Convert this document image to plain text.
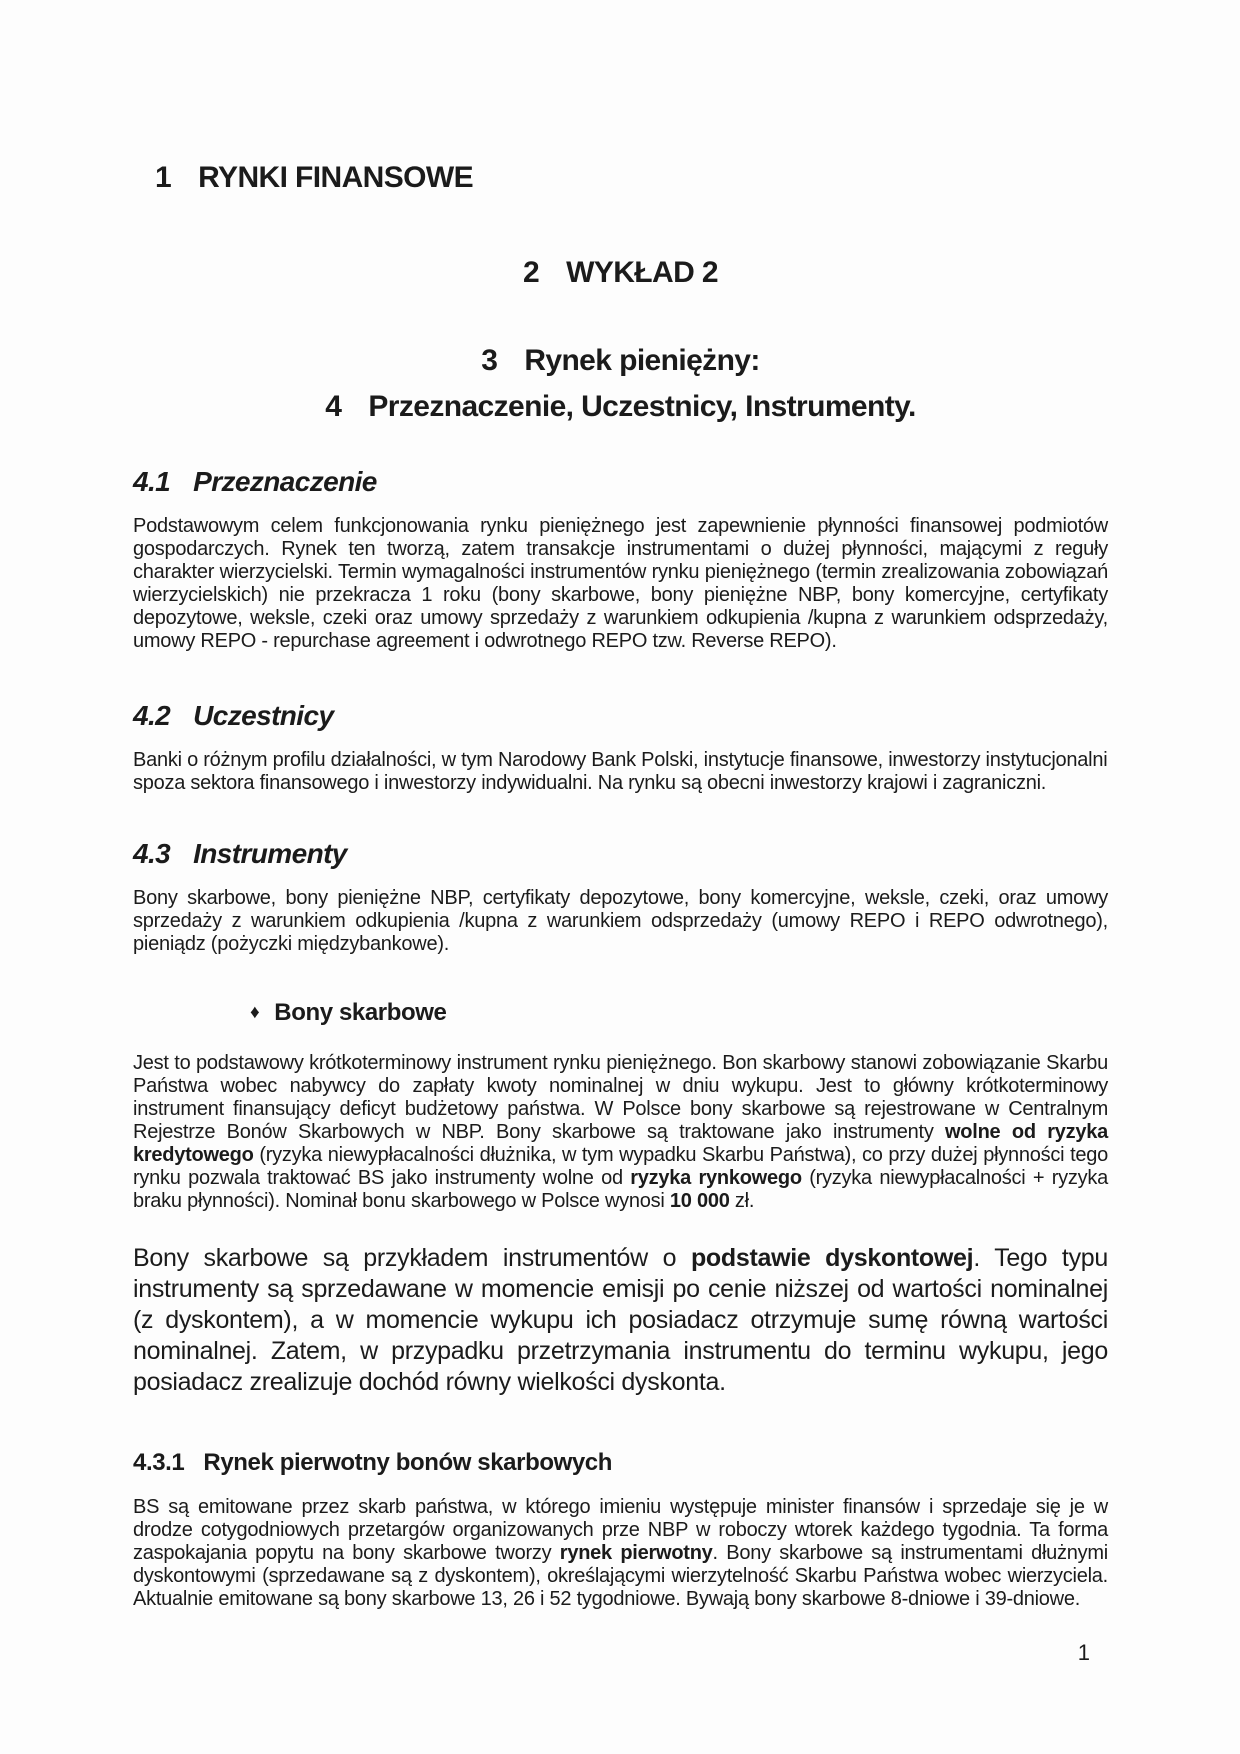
1 RYNKI FINANSOWE
2 WYKŁAD 2
3 Rynek pieniężny:
4 Przeznaczenie, Uczestnicy, Instrumenty.
4.1 Przeznaczenie
Podstawowym celem funkcjonowania rynku pieniężnego jest zapewnienie płynności finansowej podmiotów gospodarczych. Rynek ten tworzą, zatem transakcje instrumentami o dużej płynności, mającymi z reguły charakter wierzycielski. Termin wymagalności instrumentów rynku pieniężnego (termin zrealizowania zobowiązań wierzycielskich) nie przekracza 1 roku (bony skarbowe, bony pieniężne NBP, bony komercyjne, certyfikaty depozytowe, weksle, czeki oraz umowy sprzedaży z warunkiem odkupienia /kupna z warunkiem odsprzedaży, umowy REPO - repurchase agreement i odwrotnego REPO tzw. Reverse REPO).
4.2 Uczestnicy
Banki o różnym profilu działalności, w tym Narodowy Bank Polski, instytucje finansowe, inwestorzy instytucjonalni spoza sektora finansowego i inwestorzy indywidualni. Na rynku są obecni inwestorzy krajowi i zagraniczni.
4.3 Instrumenty
Bony skarbowe, bony pieniężne NBP, certyfikaty depozytowe, bony komercyjne, weksle, czeki, oraz umowy sprzedaży z warunkiem odkupienia /kupna z warunkiem odsprzedaży (umowy REPO i REPO odwrotnego), pieniądz (pożyczki międzybankowe).
♦ Bony skarbowe
Jest to podstawowy krótkoterminowy instrument rynku pieniężnego. Bon skarbowy stanowi zobowiązanie Skarbu Państwa wobec nabywcy do zapłaty kwoty nominalnej w dniu wykupu. Jest to główny krótkoterminowy instrument finansujący deficyt budżetowy państwa. W Polsce bony skarbowe są rejestrowane w Centralnym Rejestrze Bonów Skarbowych w NBP. Bony skarbowe są traktowane jako instrumenty wolne od ryzyka kredytowego (ryzyka niewypłacalności dłużnika, w tym wypadku Skarbu Państwa), co przy dużej płynności tego rynku pozwala traktować BS jako instrumenty wolne od ryzyka rynkowego (ryzyka niewypłacalności + ryzyka braku płynności). Nominał bonu skarbowego w Polsce wynosi 10 000 zł.
Bony skarbowe są przykładem instrumentów o podstawie dyskontowej. Tego typu instrumenty są sprzedawane w momencie emisji po cenie niższej od wartości nominalnej (z dyskontem), a w momencie wykupu ich posiadacz otrzymuje sumę równą wartości nominalnej. Zatem, w przypadku przetrzymania instrumentu do terminu wykupu, jego posiadacz zrealizuje dochód równy wielkości dyskonta.
4.3.1 Rynek pierwotny bonów skarbowych
BS są emitowane przez skarb państwa, w którego imieniu występuje minister finansów i sprzedaje się je w drodze cotygodniowych przetargów organizowanych prze NBP w roboczy wtorek każdego tygodnia. Ta forma zaspokajania popytu na bony skarbowe tworzy rynek pierwotny. Bony skarbowe są instrumentami dłużnymi dyskontowymi (sprzedawane są z dyskontem), określającymi wierzytelność Skarbu Państwa wobec wierzyciela. Aktualnie emitowane są bony skarbowe 13, 26 i 52 tygodniowe. Bywają bony skarbowe 8-dniowe i 39-dniowe.
1
